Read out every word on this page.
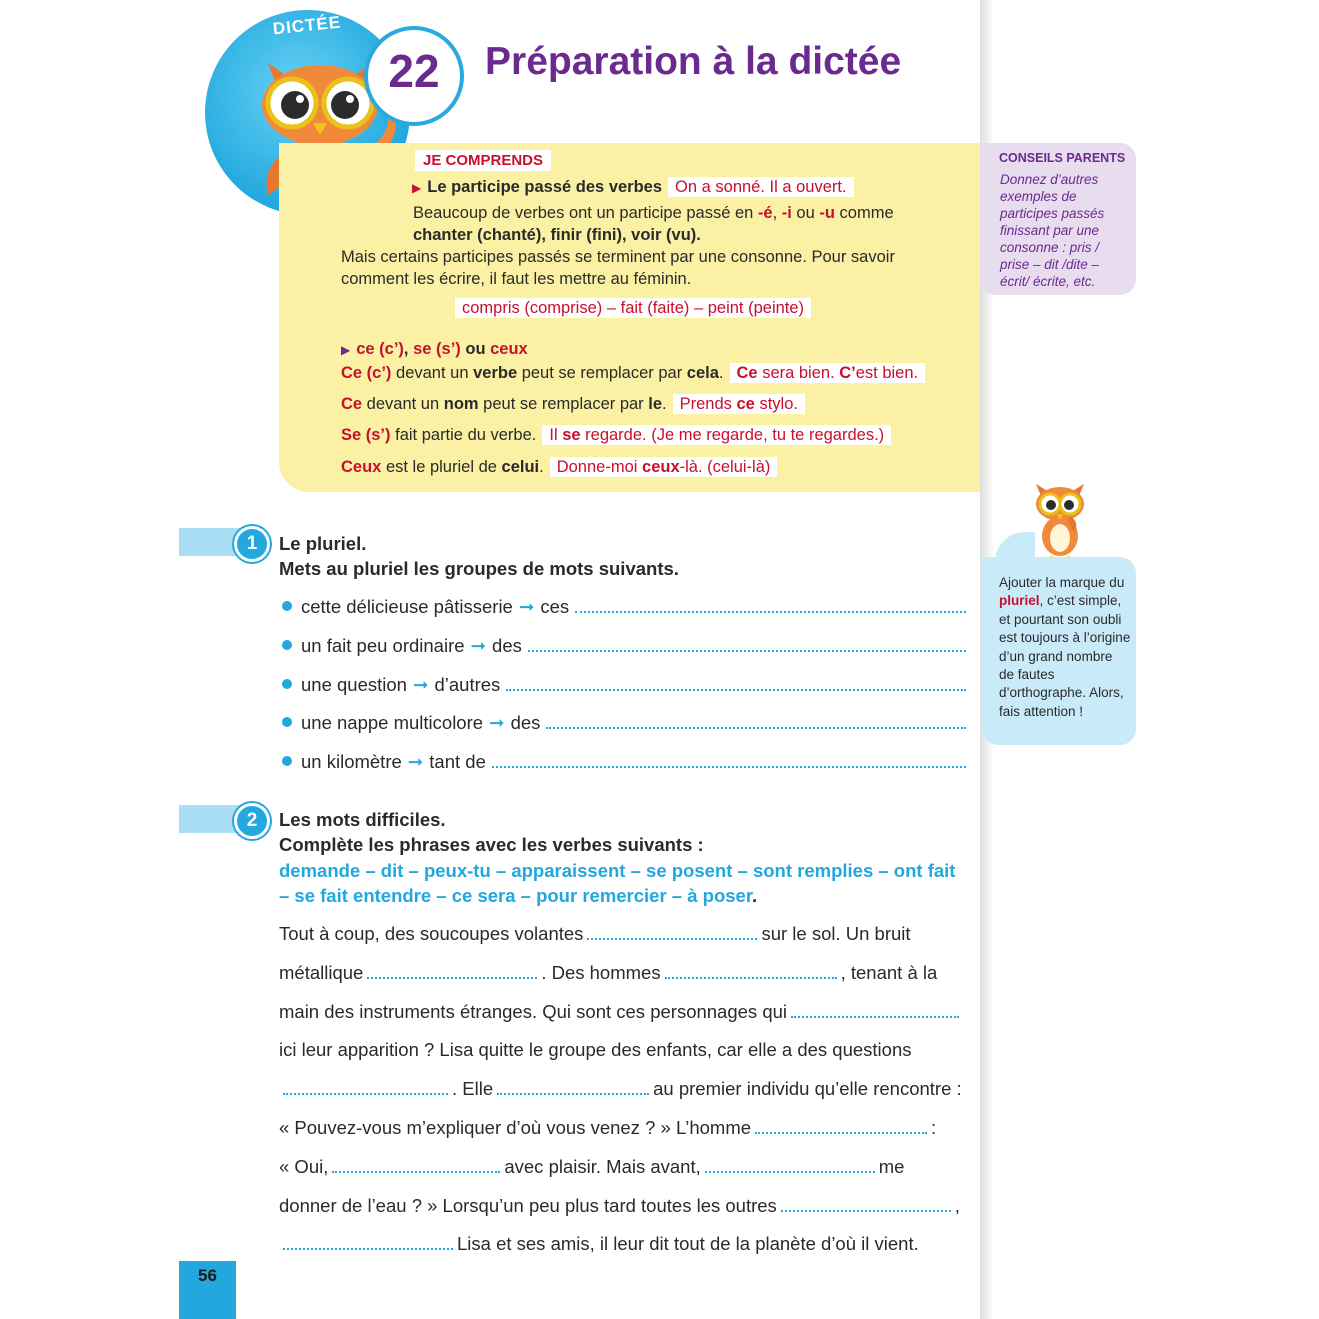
DICTÉE
22	Préparation à la dictée
JE COMPRENDS
▶ Le participe passé des verbes On a sonné. Il a ouvert.
Beaucoup de verbes ont un participe passé en -é, -i ou -u comme
chanter (chanté), finir (fini), voir (vu).
Mais certains participes passés se terminent par une consonne. Pour savoir
comment les écrire, il faut les mettre au féminin.
compris (comprise) – fait (faite) – peint (peinte)
▶ ce (c’), se (s’) ou ceux
Ce (c’) devant un verbe peut se remplacer par cela. Ce sera bien. C’est bien.
Ce devant un nom peut se remplacer par le. Prends ce stylo.
Se (s’) fait partie du verbe. Il se regarde. (Je me regarde, tu te regardes.)
Ceux est le pluriel de celui. Donne-moi ceux-là. (celui-là)
CONSEILS PARENTS
Donnez d’autres exemples de participes passés finissant par une consonne : pris / prise – dit /dite – écrit/ écrite, etc.
Ajouter la marque du pluriel, c’est simple, et pourtant son oubli est toujours à l’origine d’un grand nombre de fautes d’orthographe. Alors, fais attention !
1	Le pluriel.
Mets au pluriel les groupes de mots suivants.
cette délicieuse pâtisserie ➞ ces
un fait peu ordinaire ➞ des
une question ➞ d’autres
une nappe multicolore ➞ des
un kilomètre ➞ tant de
2	Les mots difficiles.
Complète les phrases avec les verbes suivants :
demande – dit – peux-tu – apparaissent – se posent – sont remplies – ont fait
– se fait entendre – ce sera – pour remercier – à poser.
Tout à coup, des soucoupes volantes	sur le sol. Un bruit
métallique	. Des hommes	, tenant à la
main des instruments étranges. Qui sont ces personnages qui
ici leur apparition ? Lisa quitte le groupe des enfants, car elle a des questions
. Elle	au premier individu qu’elle rencontre :
« Pouvez-vous m’expliquer d’où vous venez ? » L’homme	:
« Oui,	avec plaisir. Mais avant,	me
donner de l’eau ? » Lorsqu’un peu plus tard toutes les outres	,
Lisa et ses amis, il leur dit tout de la planète d’où il vient.
56
